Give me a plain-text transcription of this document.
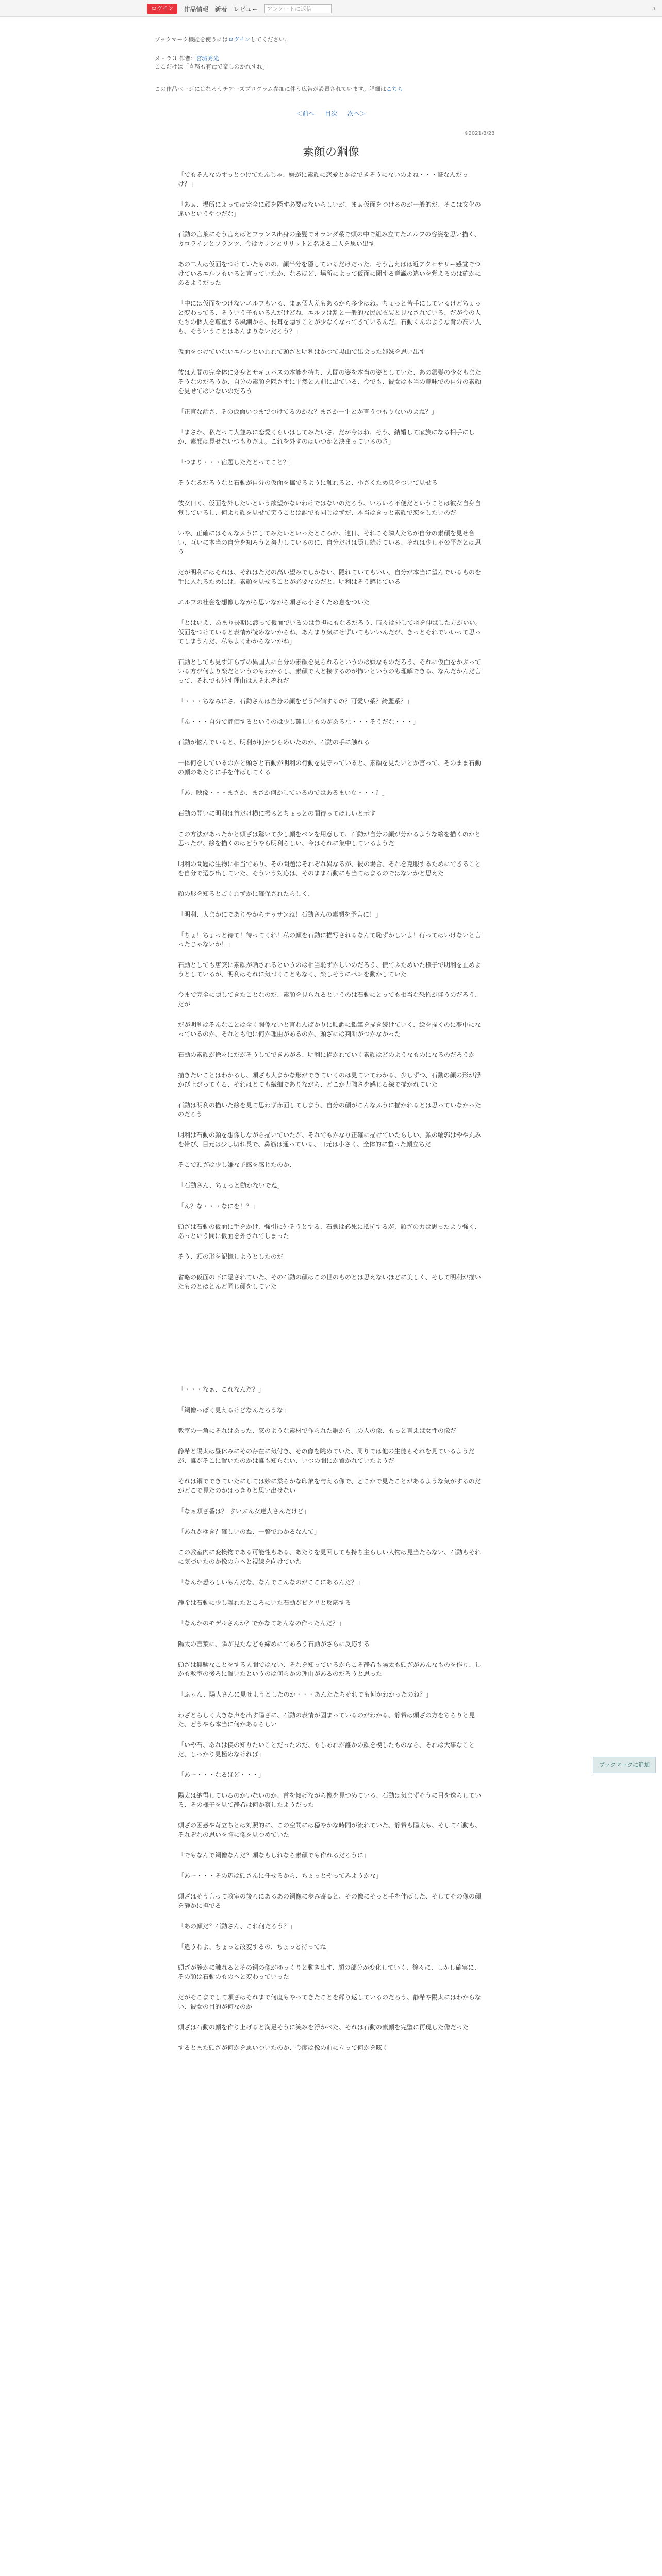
ログイン	作品情報 新着 レビュー	アンケートに返信	ロ
ブックマーク機能を使うにはログインしてください。
メ・ラ３ 作者：宮城秀光
ここだけは「喜怒も有毒で楽しのかれすれ」
この作品ページにはなろうチアーズプログラム参加に伴う広告が設置されています。詳細はこちら
＜前へ 目次 次へ＞
※2021/3/23
素顔の鋼像

「でもそんなのずっとつけてたんじゃ、嫌がに素顔に恋愛とかはできそうにないのよね・・・証なんだっけ？」

「あぁ、場所によっては完全に顔を隠す必要はないらしいが、まぁ仮面をつけるのが一般的だ、そこは文化の違いというやつだな」

石動の言葉にそう言えばとフランス出身の金髪でオランダ系で頭の中で組み立てたエルフの容姿を思い描く、カロラインとフランツ、今はカレンとリリットと名乗る二人を思い出す

あの二人は仮面をつけていたものの、顔半分を隠しているだけだった、そう言えばは近アクセサリー感覚でつけているエルフもいると言っていたか、なるほど、場所によって仮面に関する意識の違いを覚えるのは確かにあるようだった

「中には仮面をつけないエルフもいる、まぁ個人差もあるから多少はね。ちょっと苦手にしているけどちょっと変わってる、そういう子もいるんだけどね、エルフは割と一般的な民族衣装と見なされている、だが今の人たちの個人を尊重する風潮から、長耳を隠すことが少なくなってきているんだ。石動くんのような背の高い人も、そういうことはあんまりないだろう？」

仮面をつけていないエルフといわれて頭ざと明利はかつて黒山で出会った姉妹を思い出す

彼は人間の完全体に変身とサキュバスの本能を持ち、人間の姿を本当の姿としていた、あの銀髪の少女もまたそうなのだろうか、自分の素顔を隠さずに平然と人前に出ている、今でも、彼女は本当の意味での自分の素顔を見せてはいないのだろう

「正直な話さ、その仮面いつまでつけてるのかな？まさか一生とか言うつもりないのよね？」

「まさか、私だって人並みに恋愛くらいはしてみたいさ、だが今はね、そう、結婚して家族になる相手にしか、素顔は見せないつもりだよ。これを外すのはいつかと決まっているのさ」

「つまり・・・宿題しただとってこと？」

そうなるだろうなと石動が自分の仮面を撫でるように触れると、小さくため息をついて見せる

彼女曰く、仮面を外したいという欲望がないわけではないのだろう、いろいろ不便だということは彼女自身自覚しているし、何より顔を見せて笑うことは誰でも同じはずだ、本当はきっと素顔で恋をしたいのだ

いや、正確にはそんなふうにしてみたいといったところか、連日、それこそ隣人たちが自分の素顔を見せ合い、互いに本当の自分を知ろうと努力しているのに、自分だけは隠し続けている、それは少し不公平だとは思う

だが明利にはそれは、それはただの高い望みでしかない、隠れていてもいい、自分が本当に望んでいるものを手に入れるためには、素顔を見せることが必要なのだと、明利はそう感じている

エルフの社会を想像しながら思いながら頭ざは小さくため息をついた

「とはいえ、あまり長期に渡って仮面でいるのは負担にもなるだろう、時々は外して羽を伸ばした方がいい。仮面をつけていると表情が読めないからね、あんまり気にせずいてもいいんだが、きっとそれでいいって思ってしまうんだ、私もよくわからないがね」

石動としても見ず知らずの異国人に自分の素顔を見られるというのは嫌なものだろう、それに仮面をかぶっている方が何より楽だというのもわかるし、素顔で人と接するのが怖いというのも理解できる、なんだかんだ言って、それでも外す理由は人それぞれだ

「・・・ちなみにさ、石動さんは自分の顔をどう評価するの？可愛い系？綺麗系？」

「ん・・・自分で評価するというのは少し難しいものがあるな・・・そうだな・・・」

石動が悩んでいると、明利が何かひらめいたのか、石動の手に触れる

一体何をしているのかと頭ざと石動が明利の行動を見守っていると、素顔を見たいとか言って、そのまま石動の顔のあたりに手を伸ばしてくる

「あ、映像・・・まさか、まさか何かしているのではあるまいな・・・？」

石動の問いに明利は首だけ横に振るとちょっとの間待ってほしいと示す

この方法があったかと頭ざは驚いて少し顔をペンを用意して、石動が自分の顔が分かるような絵を描くのかと思ったが、絵を描くのはどうやら明利らしい、今はそれに集中しているようだ

明利の問題は生物に相当であり、その問題はそれぞれ異なるが、彼の場合、それを克服するためにできることを自分で選び出していた、そういう対応は、そのまま石動にも当てはまるのではないかと思えた

顔の形を知るとごくわずかに確保されたらしく、

「明利、大まかにでありやからデッサンね！石動さんの素顔を予言に！」

「ちょ！ちょっと待て！待ってくれ！私の顔を石動に描写されるなんて恥ずかしいよ！行ってはいけないと言ったじゃないか！」

石動としても唐突に素顔が晒されるというのは相当恥ずかしいのだろう、慌てふためいた様子で明利を止めようとしているが、明利はそれに気づくこともなく、楽しそうにペンを動かしていた

今まで完全に隠してきたことなのだ、素顔を見られるというのは石動にとっても相当な恐怖が伴うのだろう、だが

だが明利はそんなことは全く関係ないと言わんばかりに順調に鉛筆を描き続けていく、絵を描くのに夢中になっているのか、それとも他に何か理由があるのか、頭ざには判断がつかなかった

石動の素顔が徐々にだがそうしてできあがる、明利に描かれていく素顔はどのようなものになるのだろうか

描きたいことはわかるし、頭ざも大まかな形ができていくのは見ていてわかる、少しずつ、石動の顔の形が浮かび上がってくる、それはとても繊細でありながら、どこか力強さを感じる線で描かれていた

石動は明利の描いた絵を見て思わず赤面してしまう、自分の顔がこんなふうに描かれるとは思っていなかったのだろう

明利は石動の顔を想像しながら描いていたが、それでもかなり正確に描けていたらしい、顔の輪郭はやや丸みを帯び、目元は少し切れ長で、鼻筋は通っている、口元は小さく、全体的に整った顔立ちだ

そこで頭ざは少し嫌な予感を感じたのか、

「石動さん、ちょっと動かないでね」

「ん？な・・・なにを！？」

頭ざは石動の仮面に手をかけ、強引に外そうとする、石動は必死に抵抗するが、頭ざの力は思ったより強く、あっという間に仮面を外されてしまった

そう、頭の形を記憶しようとしたのだ

省略の仮面の下に隠されていた、その石動の顔はこの世のものとは思えないほどに美しく、そして明利が描いたものとほとんど同じ顔をしていた

「・・・なぁ、これなんだ？」

「鋼像っぽく見えるけどなんだろうな」

教室の一角にそれはあった、窓のような素材で作られた鋼から上の人の像、もっと言えば女性の像だ

静希と陽太は昼休みにその存在に気付き、その像を眺めていた、周りでは他の生徒もそれを見ているようだが、誰がそこに置いたのかは誰も知らない、いつの間にか置かれていたようだ

それは鋼でできていたにしては妙に柔らかな印象を与える像で、どこかで見たことがあるような気がするのだがどこで見たのかはっきりと思い出せない

「なぁ頭ざ番は？ すいぶん女達人さんだけど」

「あれかゆき？確しいのね、一瞥でわかるなんて」

この教室内に変換物である可能性もある、あたりを見回しても持ち主らしい人物は見当たらない、石動もそれに気づいたのか像の方へと視線を向けていた

「なんか恐ろしいもんだな、なんでこんなのがここにあるんだ？」

静希は石動に少し離れたところにいた石動がピクリと反応する

「なんかのモデルさんか？でかなてあんなの作ったんだ？」

陽太の言葉に、隣が見たなども締めにてあろう石動がさらに反応する

頭ざは無駄なことをする人間ではない、それを知っているからこそ静希も陽太も頭ざがあんなものを作り、しかも教室の後ろに置いたというのは何らかの理由があるのだろうと思った

「ふぅん、陽大さんに見せようとしたのか・・・あんたたちそれでも何かわかったのね？」

わざとらしく大きな声を出す陽ざに、石動の表情が固まっているのがわかる、静希は頭ざの方をちらりと見た、どうやら本当に何かあるらしい

「いや石、あれは僕の知りたいことだったのだ、もしあれが誰かの顔を模したものなら、それは大事なことだ、しっかり見極めなければ」

「あー・・・なるほど・・・」

陽太は納得しているのかいないのか、首を傾げながら像を見つめている、石動は気まずそうに目を逸らしている、その様子を見て静希は何か察したようだった

頭ざの困惑や苛立ちとは対照的に、この空間には穏やかな時間が流れていた、静希も陽太も、そして石動も、それぞれの思いを胸に像を見つめていた

「でもなんで鋼像なんだ？頭なもしれなら素顔でも作れるだろうに」

「あー・・・その辺は頭さんに任せるから、ちょっとやってみようかな」

頭ざはそう言って教室の後ろにあるあの鋼像に歩み寄ると、その像にそっと手を伸ばした、そしてその像の顔を静かに撫でる

「あの顔だ？石動さん、これ何だろう？」

「違うわよ、ちょっと改変するの、ちょっと待ってね」

頭ざが静かに触れるとその鋼の像がゆっくりと動き出す、顔の部分が変化していく、徐々に、しかし確実に、その顔は石動のものへと変わっていった

だがそこまでして頭ざはそれまで何度もやってきたことを繰り返しているのだろう、静希や陽太にはわからない、彼女の目的が何なのか

頭ざは石動の顔を作り上げると満足そうに笑みを浮かべた、それは石動の素顔を完璧に再現した像だった

するとまた頭ざが何かを思いついたのか、今度は像の前に立って何かを呟く

ブックマークに追加
